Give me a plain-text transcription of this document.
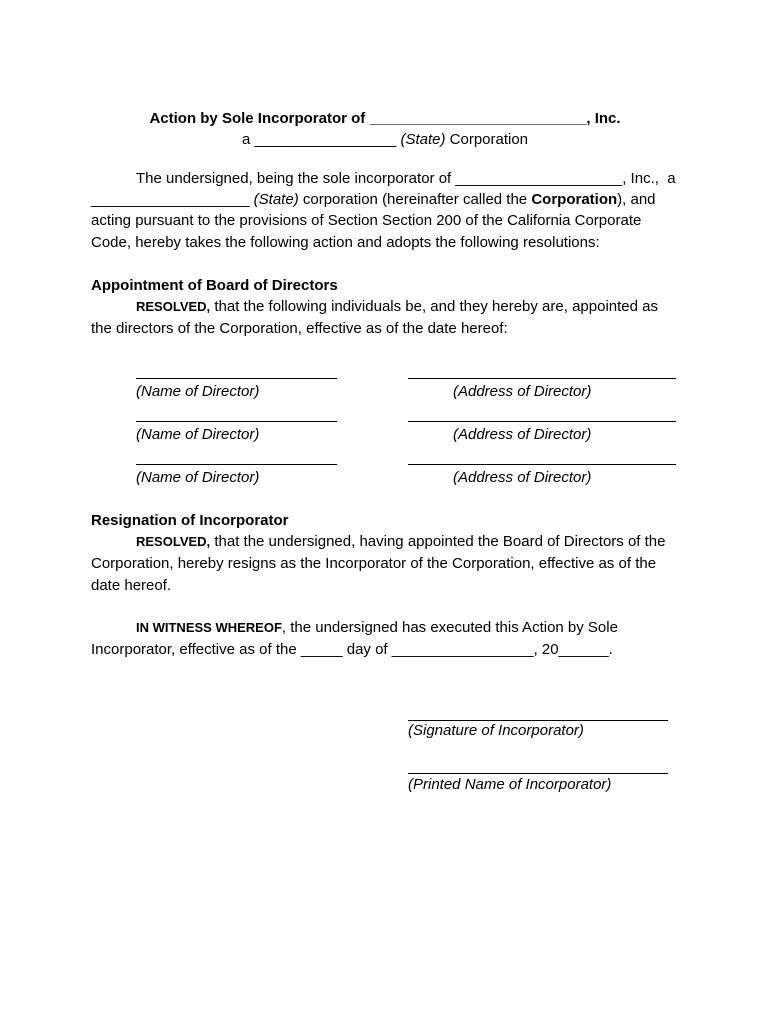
Action by Sole Incorporator of __________________________, Inc.
a _________________ (State) Corporation
The undersigned, being the sole incorporator of ____________________, Inc.,  a
___________________ (State) corporation (hereinafter called the Corporation), and
acting pursuant to the provisions of Section Section 200 of the California Corporate
Code, hereby takes the following action and adopts the following resolutions:
Appointment of Board of Directors
RESOLVED, that the following individuals be, and they hereby are, appointed as
the directors of the Corporation, effective as of the date hereof:
(Name of Director)	(Address of Director)
(Name of Director)	(Address of Director)
(Name of Director)	(Address of Director)
Resignation of Incorporator
RESOLVED, that the undersigned, having appointed the Board of Directors of the
Corporation, hereby resigns as the Incorporator of the Corporation, effective as of the
date hereof.
IN WITNESS WHEREOF, the undersigned has executed this Action by Sole
Incorporator, effective as of the _____ day of _________________, 20______.
(Signature of Incorporator)
(Printed Name of Incorporator)
